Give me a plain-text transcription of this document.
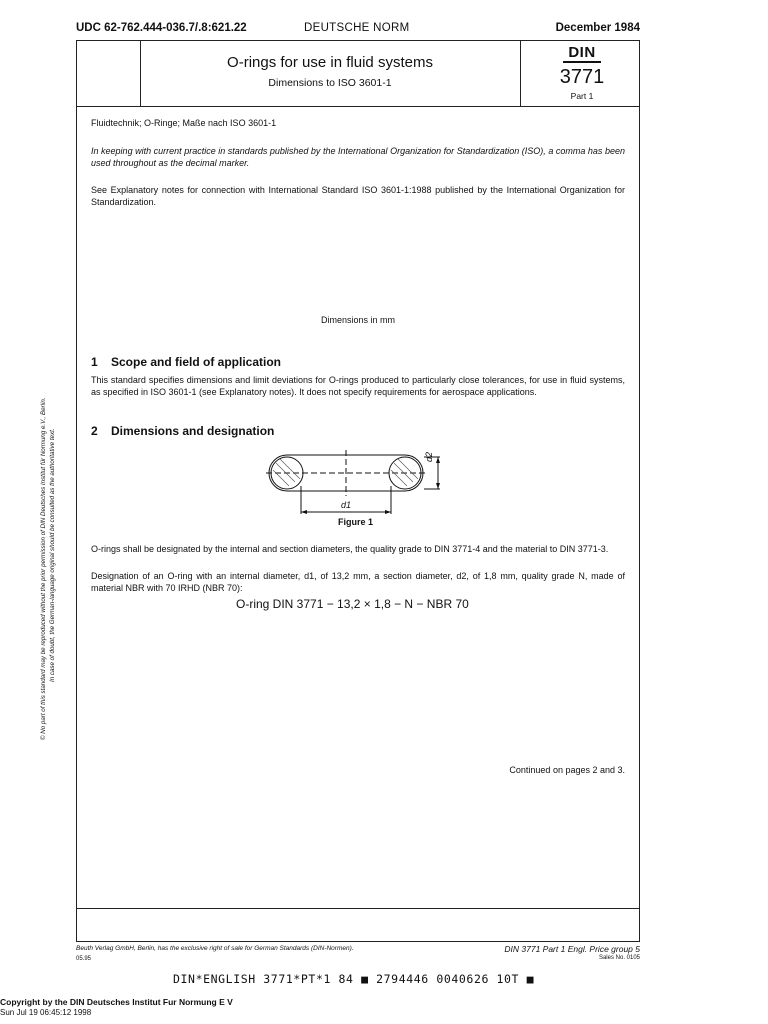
UDC 62-762.444-036.7/.8:621.22	DEUTSCHE NORM	December 1984
O-rings for use in fluid systems
Dimensions to ISO 3601-1
DIN
3771
Part 1
Fluidtechnik; O-Ringe; Maße nach ISO 3601-1
In keeping with current practice in standards published by the International Organization for Standardization (ISO), a comma has been used throughout as the decimal marker.
See Explanatory notes for connection with International Standard ISO 3601-1:1988 published by the International Organization for Standardization.
Dimensions in mm
1 Scope and field of application
This standard specifies dimensions and limit deviations for O-rings produced to particularly close tolerances, for use in fluid systems, as specified in ISO 3601-1 (see Explanatory notes). It does not specify requirements for aerospace applications.
2 Dimensions and designation
d1
d2
Figure 1
O-rings shall be designated by the internal and section diameters, the quality grade to DIN 3771-4 and the material to DIN 3771-3.
Designation of an O-ring with an internal diameter, d1, of 13,2 mm, a section diameter, d2, of 1,8 mm, quality grade N, made of material NBR with 70 IRHD (NBR 70):
O-ring DIN 3771 − 13,2 × 1,8 − N − NBR 70
Continued on pages 2 and 3.
© No part of this standard may be reproduced without the prior permission of DIN Deutsches Institut für Normung e.V., Berlin. In case of doubt, the German-language original should be consulted as the authoritative text.
Beuth Verlag GmbH, Berlin, has the exclusive right of sale for German Standards (DIN-Normen).
05.95
DIN 3771 Part 1 Engl. Price group 5
Sales No. 0105
DIN*ENGLISH 3771*PT*1 84 ■ 2794446 0040626 10T ■
Copyright by the DIN Deutsches Institut Fur Normung E V
Sun Jul 19 06:45:12 1998
